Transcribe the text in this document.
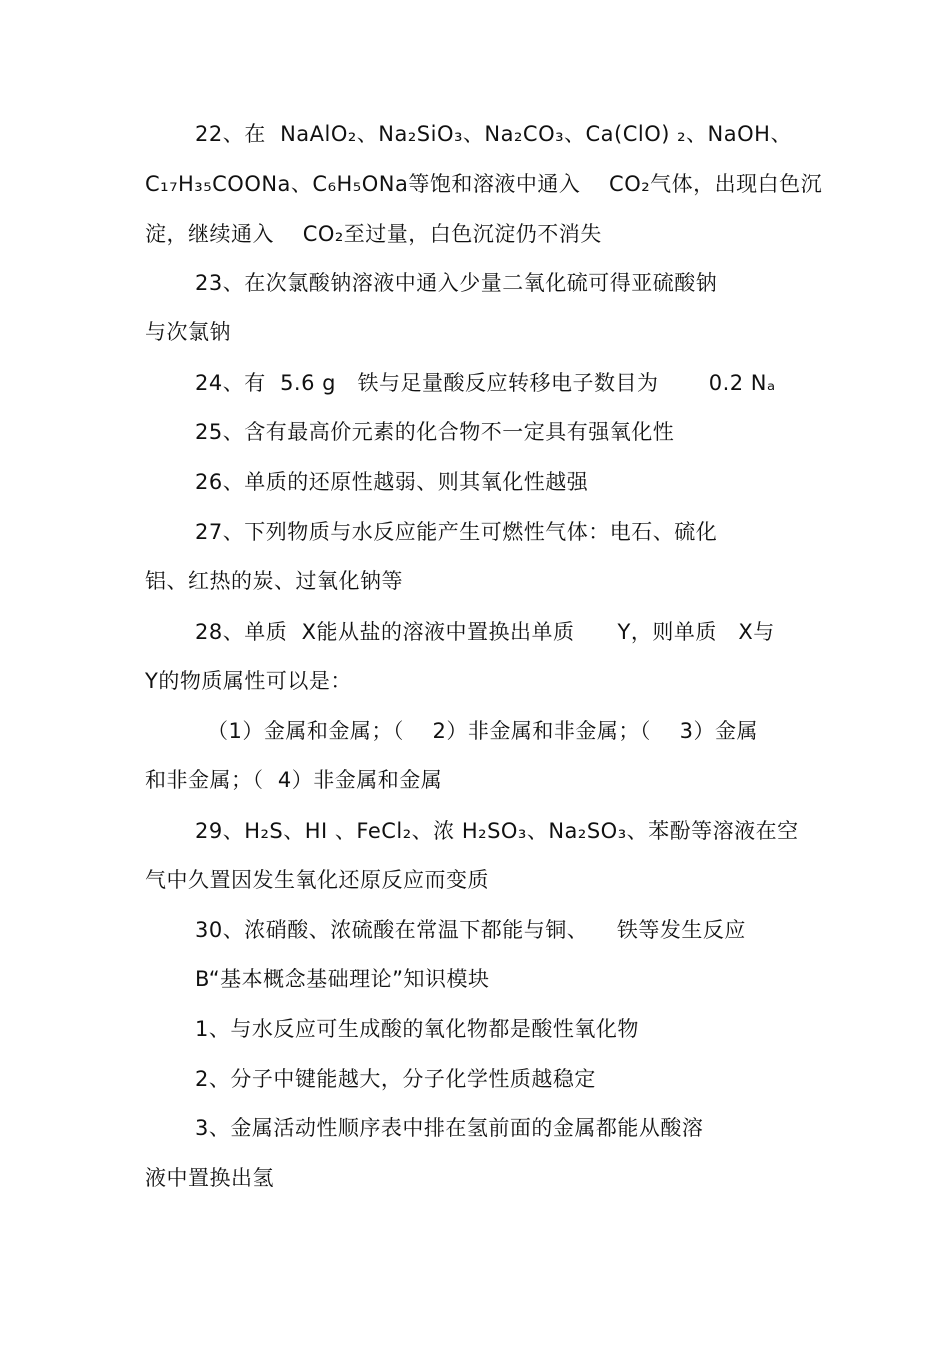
22、在  NaAlO₂、Na₂SiO₃、Na₂CO₃、Ca(ClO) ₂、NaOH、
C₁₇H₃₅COONa、C₆H₅ONa等饱和溶液中通入    CO₂气体，出现白色沉
淀，继续通入    CO₂至过量，白色沉淀仍不消失
23、在次氯酸钠溶液中通入少量二氧化硫可得亚硫酸钠
与次氯钠
24、有  5.6 g   铁与足量酸反应转移电子数目为       0.2 Nₐ
25、含有最高价元素的化合物不一定具有强氧化性
26、单质的还原性越弱、则其氧化性越强
27、下列物质与水反应能产生可燃性气体：电石、硫化
铝、红热的炭、过氧化钠等
28、单质  X能从盐的溶液中置换出单质      Y，则单质   X与
Y的物质属性可以是：
（1）金属和金属；（    2）非金属和非金属；（    3）金属
和非金属；（  4）非金属和金属
29、H₂S、HI 、FeCl₂、浓 H₂SO₃、Na₂SO₃、苯酚等溶液在空
气中久置因发生氧化还原反应而变质
30、浓硝酸、浓硫酸在常温下都能与铜、    铁等发生反应
B“基本概念基础理论”知识模块
1、与水反应可生成酸的氧化物都是酸性氧化物
2、分子中键能越大，分子化学性质越稳定
3、金属活动性顺序表中排在氢前面的金属都能从酸溶
液中置换出氢
